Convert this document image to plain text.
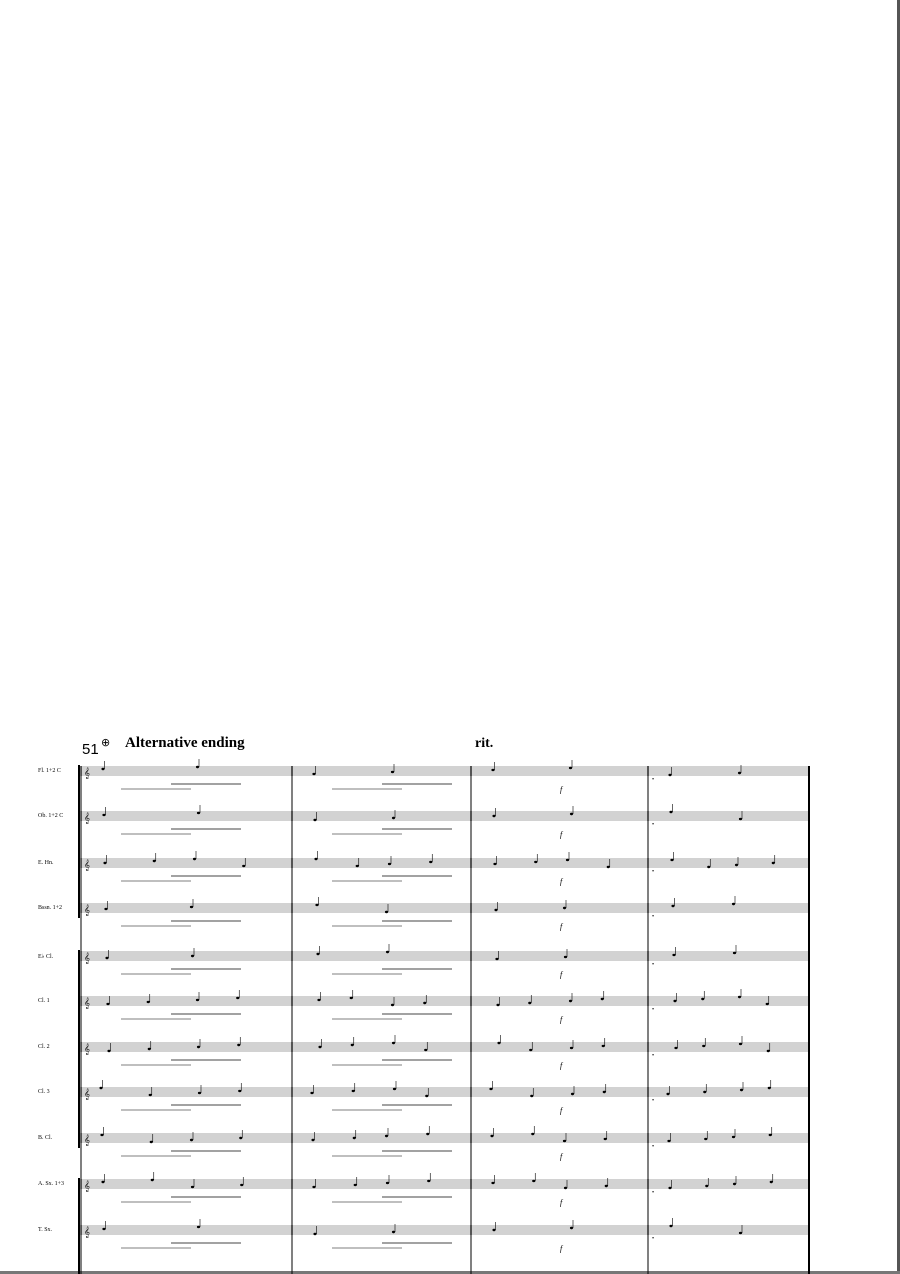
51 ⊕ Alternative ending	rit.
Fl. 1+2 C
Ob. 1+2 C
E. Hn.
Bssn. 1+2
E♭ Cl.
Cl. 1
Cl. 2
Cl. 3
B. Cl.
A. Sx. 1+3
T. Sx.
𝄞
f
•
𝄞
f
•
𝄞
f
•
𝄞
f
•
𝄞
f
•
𝄞
f
•
𝄞
f
•
𝄞
f
•
𝄞
f
•
𝄞
f
•
𝄞
f
•
